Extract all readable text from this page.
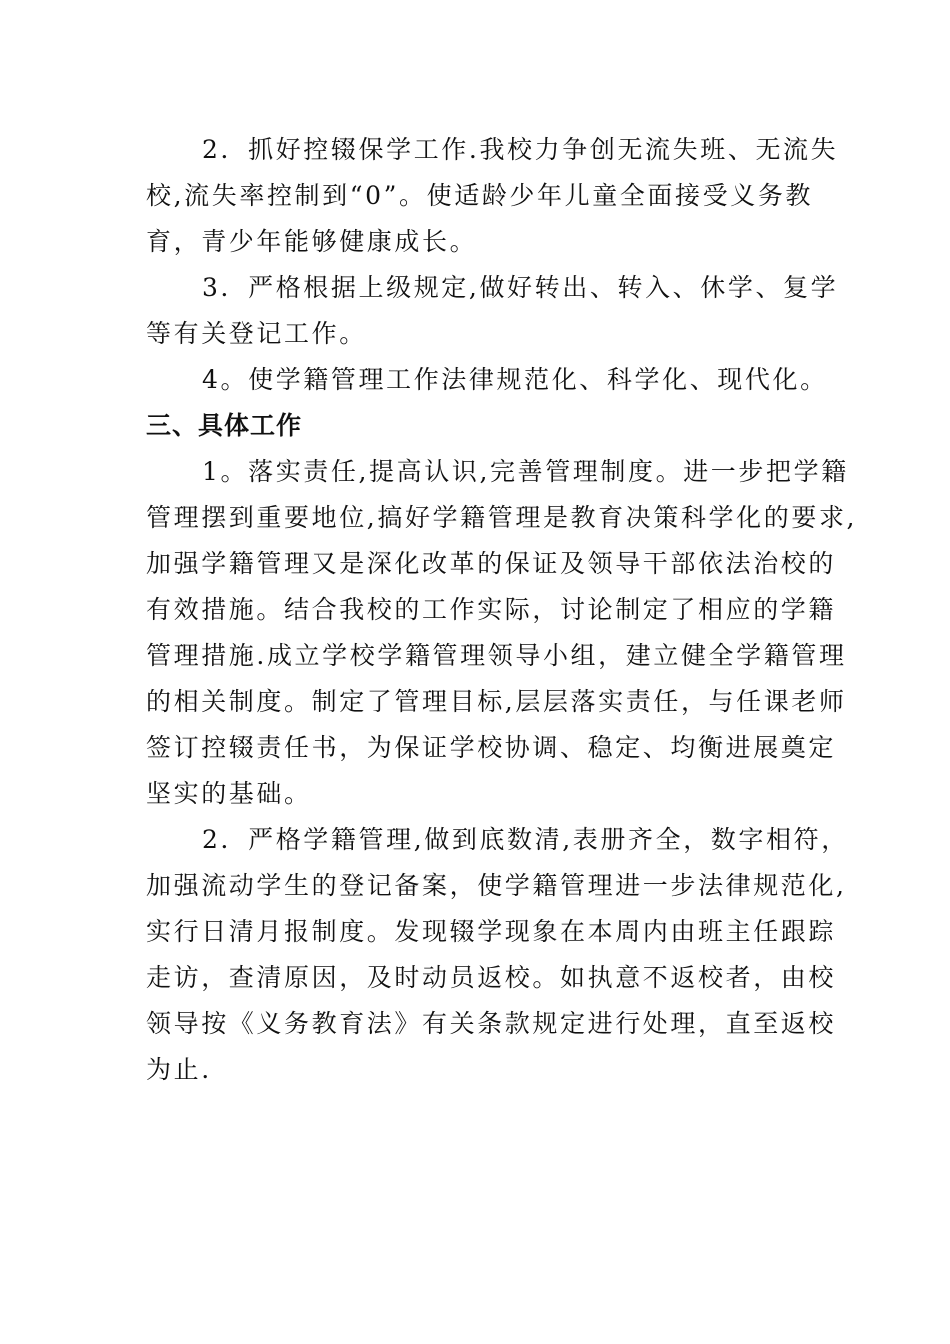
2．抓好控辍保学工作.我校力争创无流失班、无流失
校,流失率控制到“0”。使适龄少年儿童全面接受义务教
育，青少年能够健康成长。
3．严格根据上级规定,做好转出、转入、休学、复学
等有关登记工作。
4。使学籍管理工作法律规范化、科学化、现代化。
三、具体工作
1。落实责任,提高认识,完善管理制度。进一步把学籍
管理摆到重要地位,搞好学籍管理是教育决策科学化的要求,
加强学籍管理又是深化改革的保证及领导干部依法治校的
有效措施。结合我校的工作实际，讨论制定了相应的学籍
管理措施.成立学校学籍管理领导小组，建立健全学籍管理
的相关制度。制定了管理目标,层层落实责任，与任课老师
签订控辍责任书，为保证学校协调、稳定、均衡进展奠定
坚实的基础。
2．严格学籍管理,做到底数清,表册齐全，数字相符，
加强流动学生的登记备案，使学籍管理进一步法律规范化,
实行日清月报制度。发现辍学现象在本周内由班主任跟踪
走访，查清原因，及时动员返校。如执意不返校者，由校
领导按《义务教育法》有关条款规定进行处理，直至返校
为止.
